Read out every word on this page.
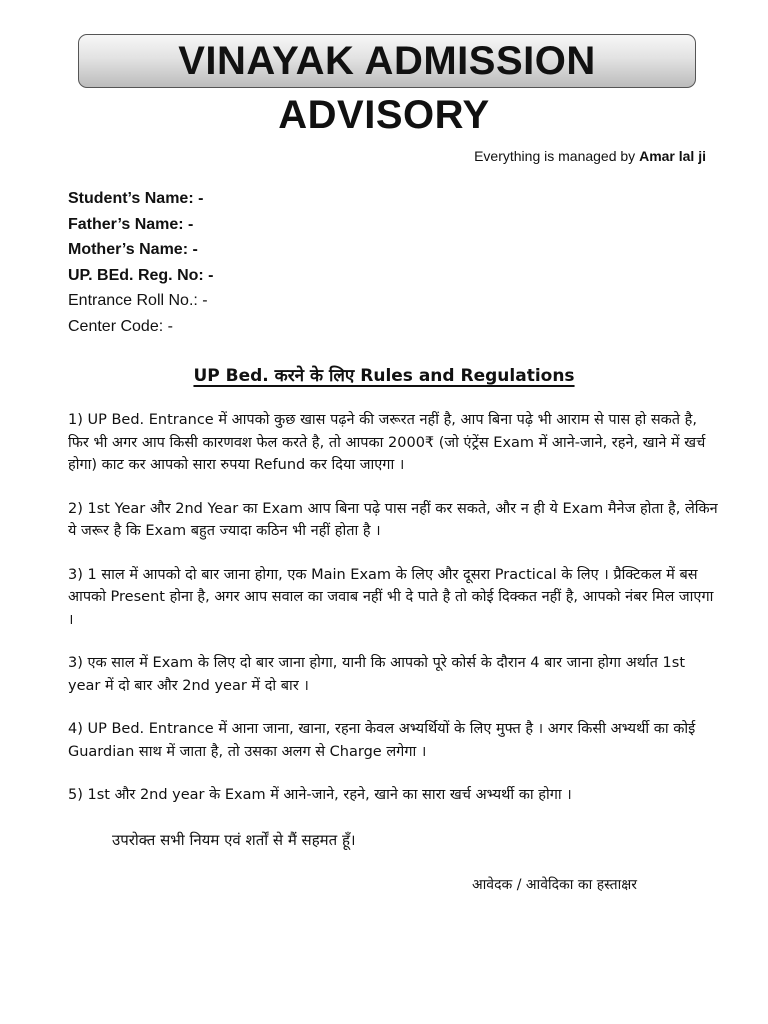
VINAYAK ADMISSION
ADVISORY
Everything is managed by Amar lal ji
Student’s Name: -
Father’s Name: -
Mother’s Name: -
UP. BEd. Reg. No: -
Entrance Roll No.: -
Center Code: -
UP Bed. करने के लिए Rules and Regulations

1) UP Bed. Entrance में आपको कुछ खास पढ़ने की जरूरत नहीं है, आप बिना पढ़े भी आराम से पास हो सकते है, फिर भी अगर आप किसी कारणवश फेल करते है, तो आपका 2000₹ (जो एंट्रेंस Exam में आने-जाने, रहने, खाने में खर्च होगा) काट कर आपको सारा रुपया Refund कर दिया जाएगा ।

2) 1st Year और 2nd Year का Exam आप बिना पढ़े पास नहीं कर सकते, और न ही ये Exam मैनेज होता है, लेकिन ये जरूर है कि Exam बहुत ज्यादा कठिन भी नहीं होता है ।

3) 1 साल में आपको दो बार जाना होगा, एक Main Exam के लिए और दूसरा Practical के लिए । प्रैक्टिकल में बस आपको Present होना है, अगर आप सवाल का जवाब नहीं भी दे पाते है तो कोई दिक्कत नहीं है, आपको नंबर मिल जाएगा ।

3) एक साल में Exam के लिए दो बार जाना होगा, यानी कि आपको पूरे कोर्स के दौरान 4 बार जाना होगा अर्थात 1st year में दो बार और 2nd year में दो बार ।

4) UP Bed. Entrance में आना जाना, खाना, रहना केवल अभ्यर्थियों के लिए मुफ्त है । अगर किसी अभ्यर्थी का कोई Guardian साथ में जाता है, तो उसका अलग से Charge लगेगा ।

5) 1st और 2nd year के Exam में आने-जाने, रहने, खाने का सारा खर्च अभ्यर्थी का होगा ।

उपरोक्त सभी नियम एवं शर्तों से मैं सहमत हूँ।
आवेदक / आवेदिका का हस्ताक्षर
